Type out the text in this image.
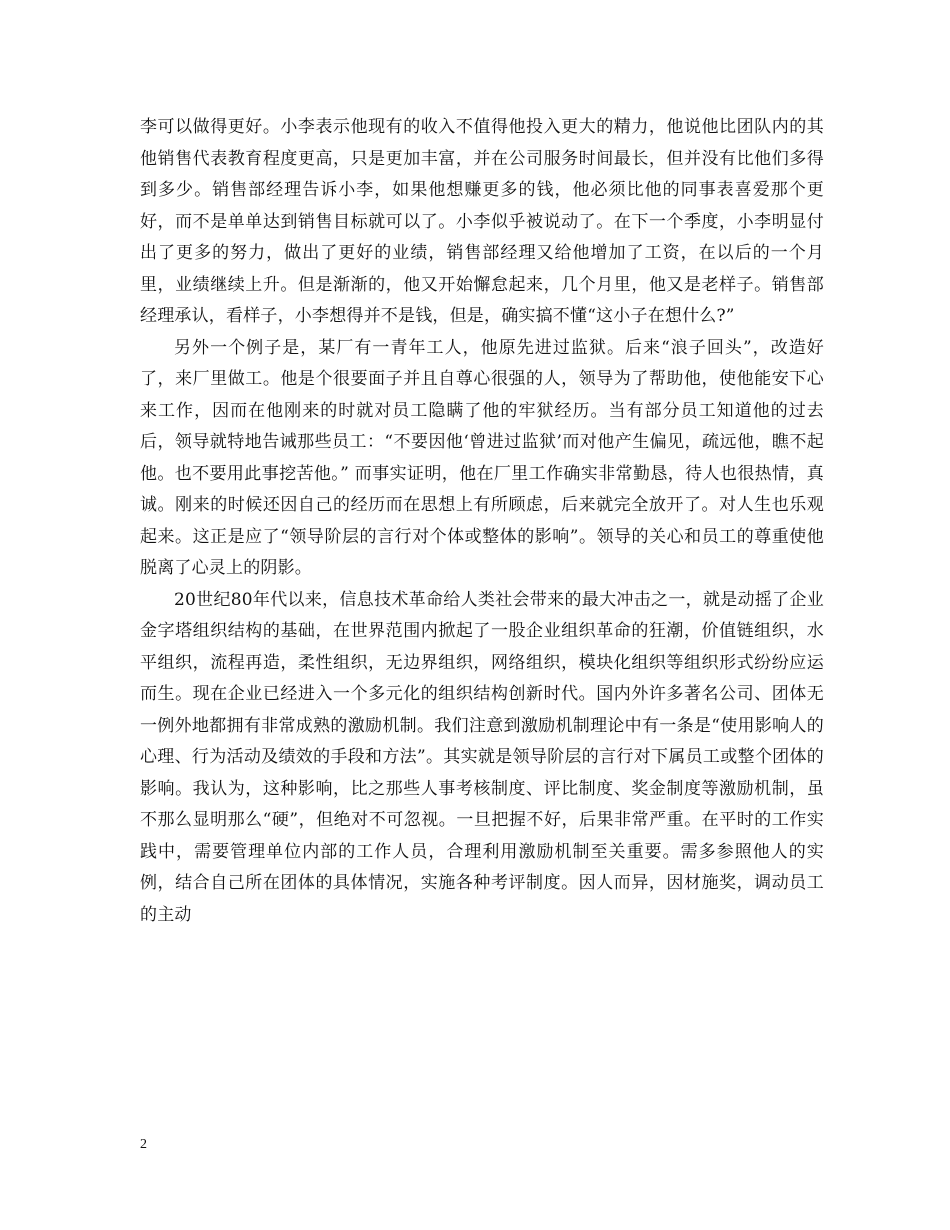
李可以做得更好。小李表示他现有的收入不值得他投入更大的精力，他说他比团队内的其他销售代表教育程度更高，只是更加丰富，并在公司服务时间最长，但并没有比他们多得到多少。销售部经理告诉小李，如果他想赚更多的钱，他必须比他的同事表喜爱那个更好，而不是单单达到销售目标就可以了。小李似乎被说动了。在下一个季度，小李明显付出了更多的努力，做出了更好的业绩，销售部经理又给他增加了工资，在以后的一个月里，业绩继续上升。但是渐渐的，他又开始懈怠起来，几个月里，他又是老样子。销售部经理承认，看样子，小李想得并不是钱，但是，确实搞不懂“这小子在想什么?”

另外一个例子是，某厂有一青年工人，他原先进过监狱。后来“浪子回头”，改造好了，来厂里做工。他是个很要面子并且自尊心很强的人，领导为了帮助他，使他能安下心来工作，因而在他刚来的时就对员工隐瞒了他的牢狱经历。当有部分员工知道他的过去后，领导就特地告诫那些员工：“不要因他‘曾进过监狱’而对他产生偏见，疏远他，瞧不起他。也不要用此事挖苦他。” 而事实证明，他在厂里工作确实非常勤恳，待人也很热情，真诚。刚来的时候还因自己的经历而在思想上有所顾虑，后来就完全放开了。对人生也乐观起来。这正是应了“领导阶层的言行对个体或整体的影响”。领导的关心和员工的尊重使他脱离了心灵上的阴影。

20世纪80年代以来，信息技术革命给人类社会带来的最大冲击之一，就是动摇了企业金字塔组织结构的基础，在世界范围内掀起了一股企业组织革命的狂潮，价值链组织，水平组织，流程再造，柔性组织，无边界组织，网络组织，模块化组织等组织形式纷纷应运而生。现在企业已经进入一个多元化的组织结构创新时代。国内外许多著名公司、团体无一例外地都拥有非常成熟的激励机制。我们注意到激励机制理论中有一条是“使用影响人的心理、行为活动及绩效的手段和方法”。其实就是领导阶层的言行对下属员工或整个团体的影响。我认为，这种影响，比之那些人事考核制度、评比制度、奖金制度等激励机制，虽不那么显明那么“硬”，但绝对不可忽视。一旦把握不好，后果非常严重。在平时的工作实践中，需要管理单位内部的工作人员，合理利用激励机制至关重要。需多参照他人的实例，结合自己所在团体的具体情况，实施各种考评制度。因人而异，因材施奖，调动员工的主动

2
